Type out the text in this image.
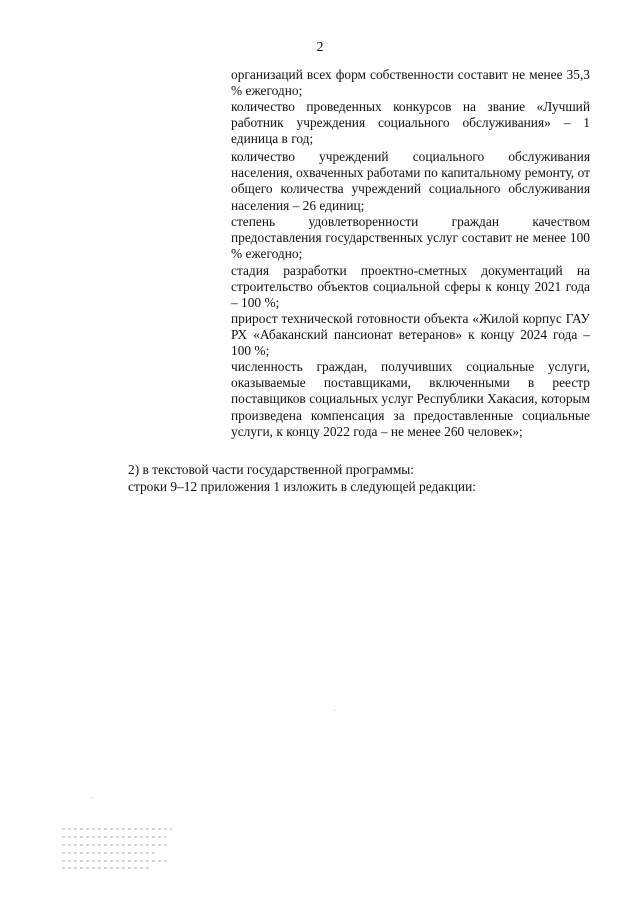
2

организаций всех форм собственности составит не менее 35,3 % ежегодно;

количество проведенных конкурсов на звание «Лучший работник учреждения социального обслуживания» – 1 единица в год;

количество учреждений социального обслуживания населения, охваченных работами по капитальному ремонту, от общего количества учреждений социального обслуживания населения – 26 единиц;

степень удовлетворенности граждан качеством предоставления государственных услуг составит не менее 100 % ежегодно;

стадия разработки проектно-сметных документаций на строительство объектов социальной сферы к концу 2021 года – 100 %;

прирост технической готовности объекта «Жилой корпус ГАУ РХ «Абаканский пансионат ветеранов» к концу 2024 года – 100 %;

численность граждан, получивших социальные услуги, оказываемые поставщиками, включенными в реестр поставщиков социальных услуг Республики Хакасия, которым произведена компенсация за предоставленные социальные услуги, к концу 2022 года – не менее 260 человек»;

2) в текстовой части государственной программы:
строки 9–12 приложения 1 изложить в следующей редакции:
